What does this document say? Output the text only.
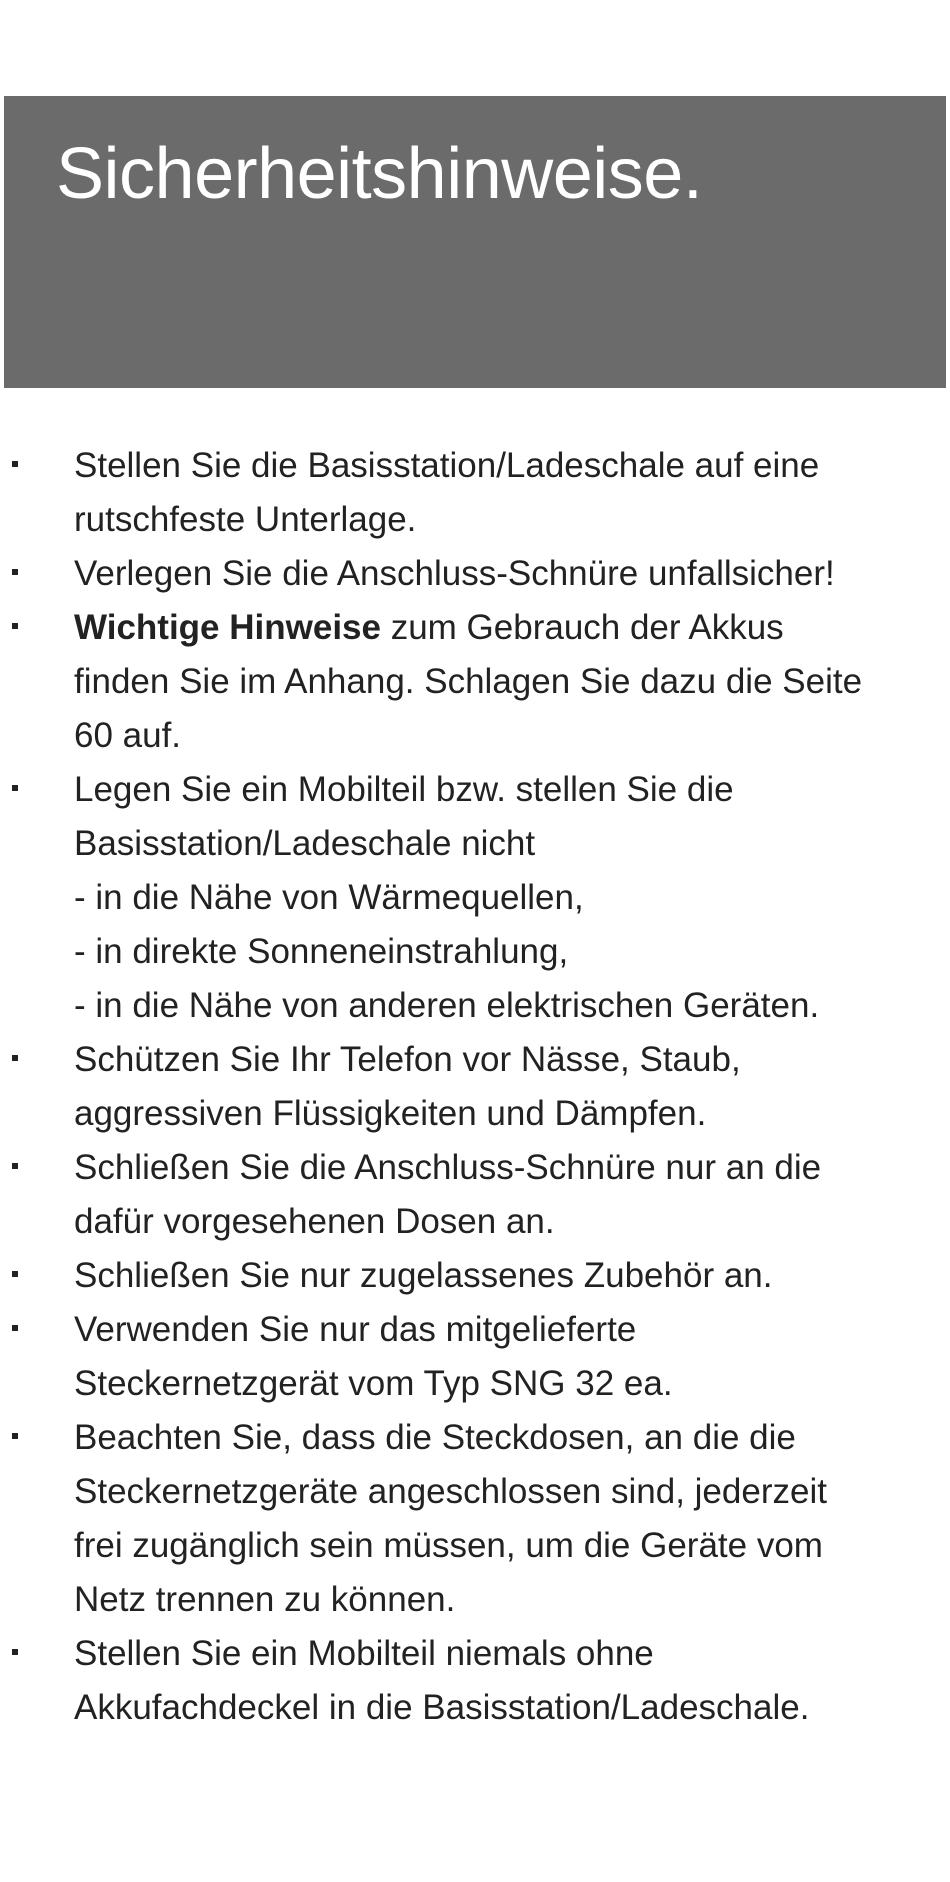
Sicherheitshinweise.
Stellen Sie die Basisstation/Ladeschale auf eine
rutschfeste Unterlage.
Verlegen Sie die Anschluss-Schnüre unfallsicher!
Wichtige Hinweise zum Gebrauch der Akkus
finden Sie im Anhang. Schlagen Sie dazu die Seite
60 auf.
Legen Sie ein Mobilteil bzw. stellen Sie die
Basisstation/Ladeschale nicht
- in die Nähe von Wärmequellen,
- in direkte Sonneneinstrahlung,
- in die Nähe von anderen elektrischen Geräten.
Schützen Sie Ihr Telefon vor Nässe, Staub,
aggressiven Flüssigkeiten und Dämpfen.
Schließen Sie die Anschluss-Schnüre nur an die
dafür vorgesehenen Dosen an.
Schließen Sie nur zugelassenes Zubehör an.
Verwenden Sie nur das mitgelieferte
Steckernetzgerät vom Typ SNG 32 ea.
Beachten Sie, dass die Steckdosen, an die die
Steckernetzgeräte angeschlossen sind, jederzeit
frei zugänglich sein müssen, um die Geräte vom
Netz trennen zu können.
Stellen Sie ein Mobilteil niemals ohne
Akkufachdeckel in die Basisstation/Ladeschale.
